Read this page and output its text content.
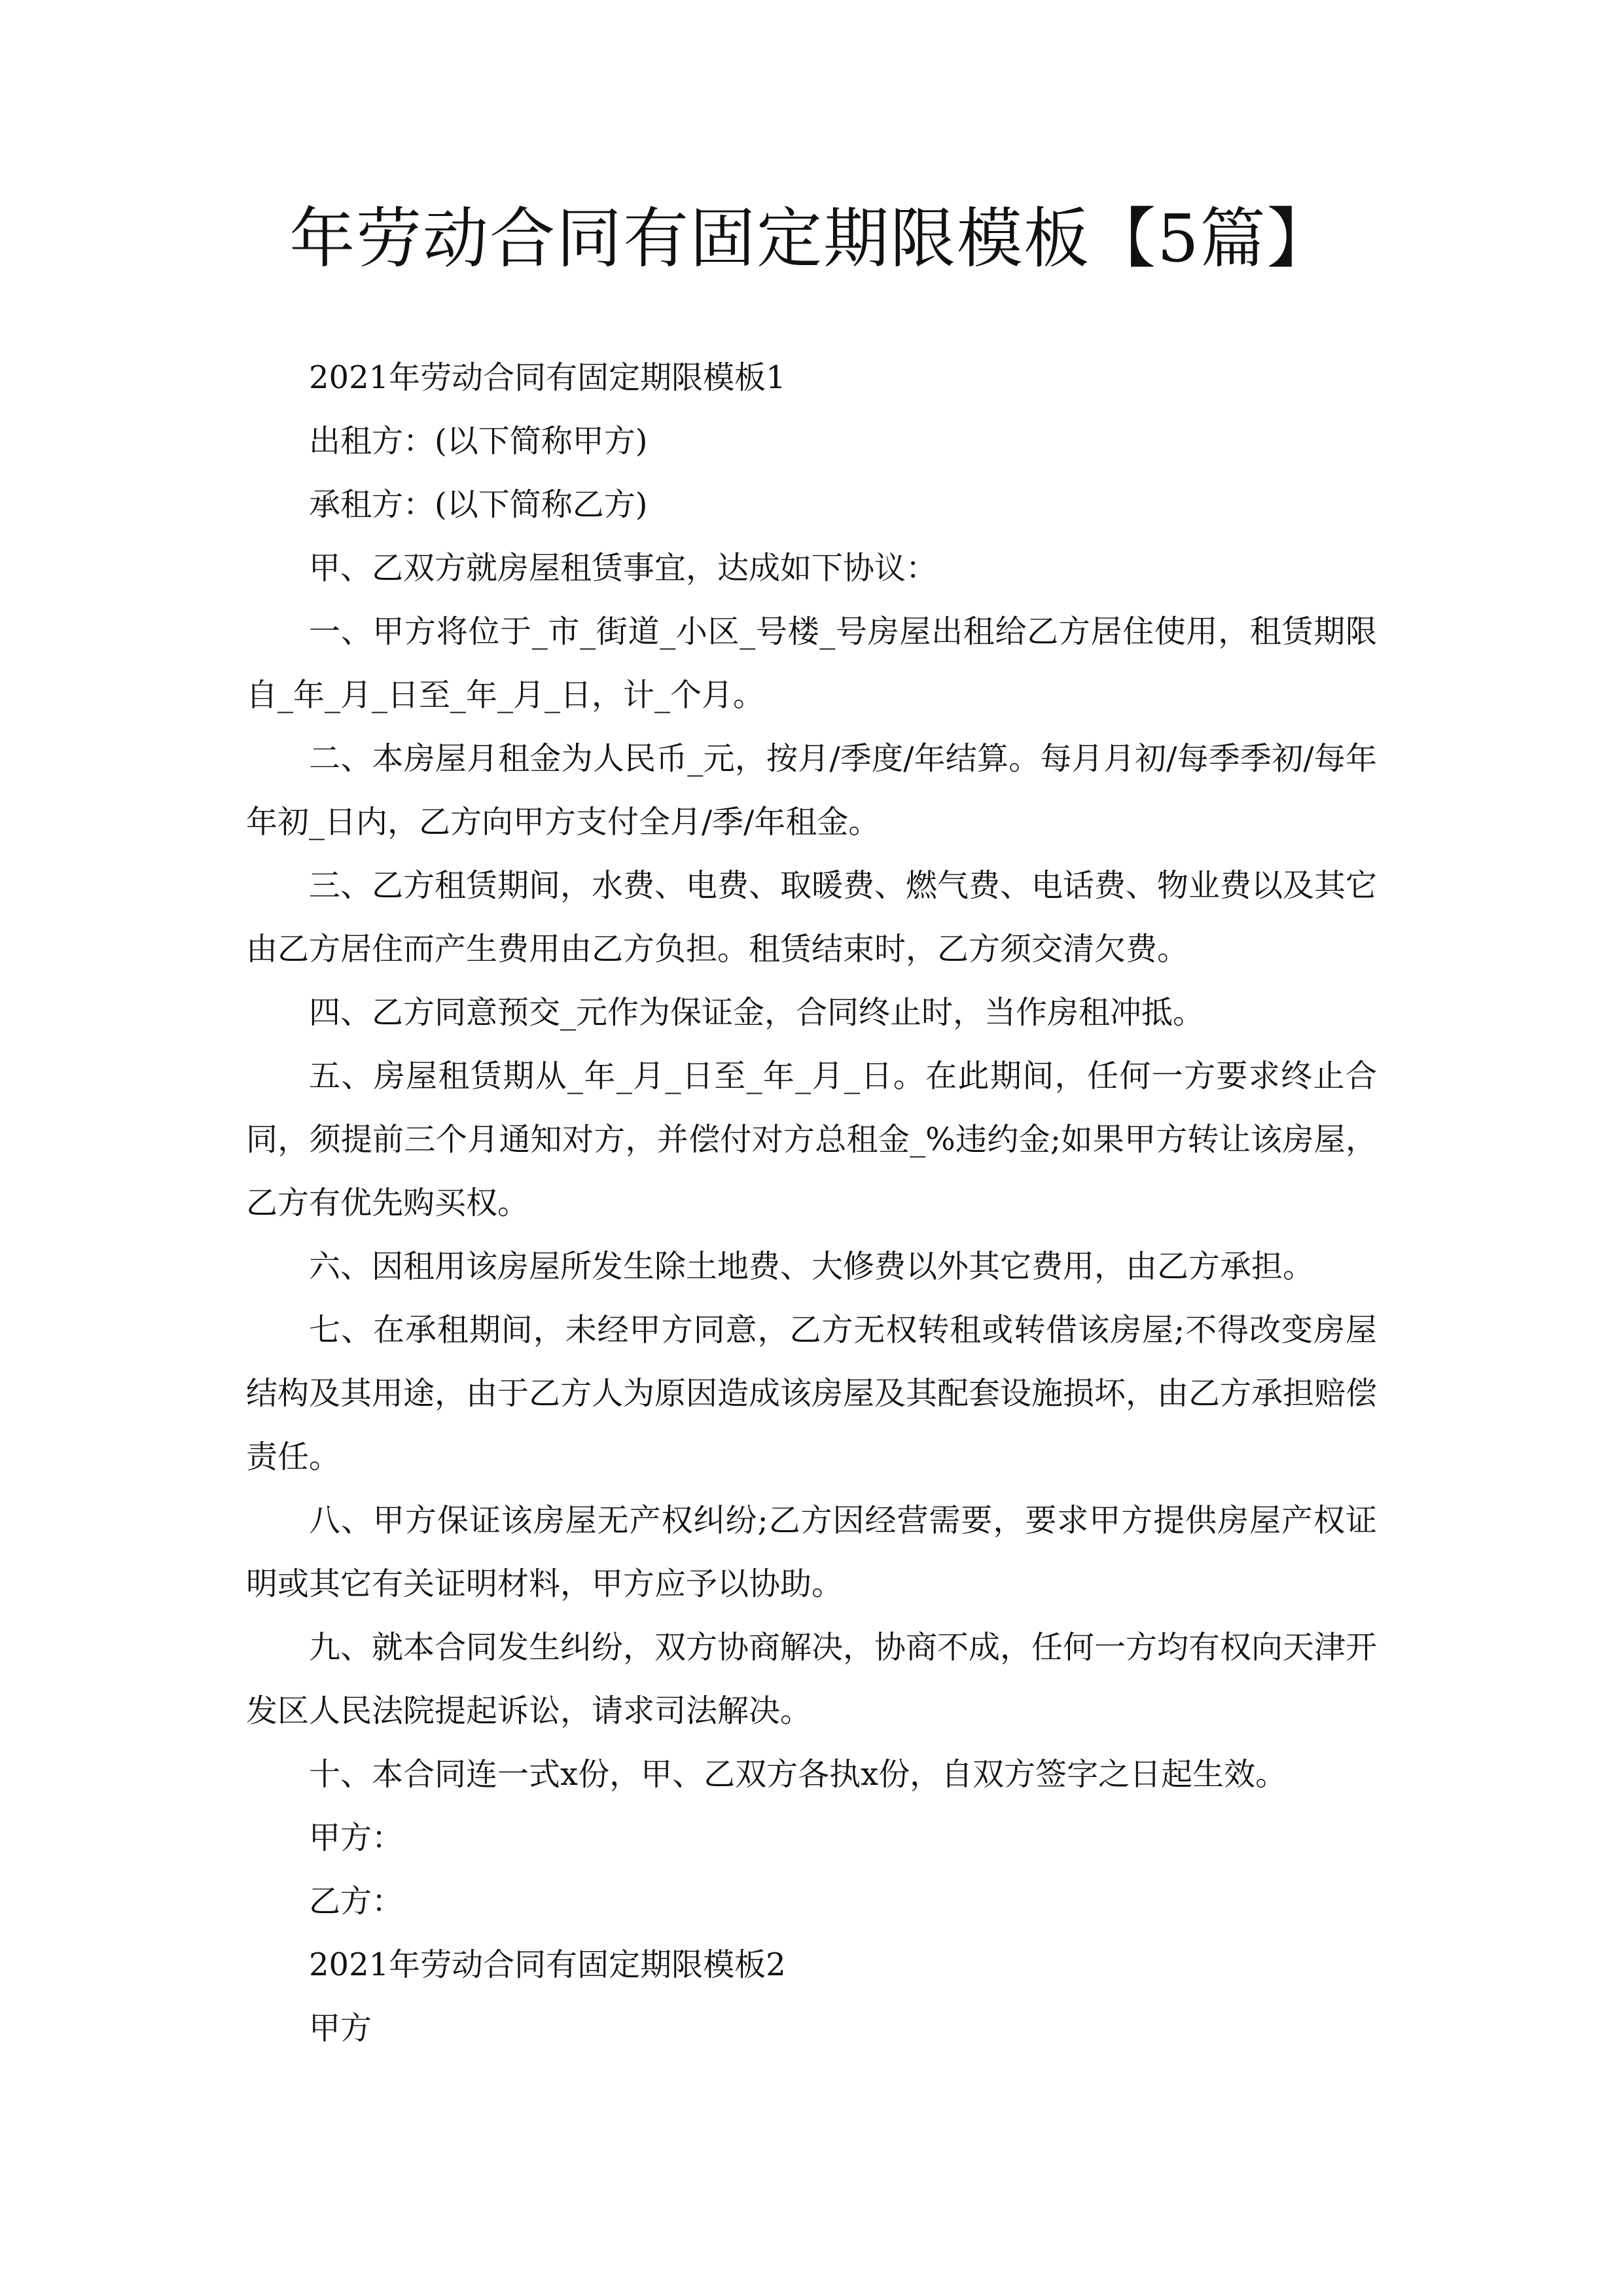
年劳动合同有固定期限模板【5篇】

2021年劳动合同有固定期限模板1

出租方：(以下简称甲方)

承租方：(以下简称乙方)

甲、乙双方就房屋租赁事宜，达成如下协议：

一、甲方将位于_市_街道_小区_号楼_号房屋出租给乙方居住使用，租赁期限自_年_月_日至_年_月_日，计_个月。

二、本房屋月租金为人民币_元，按月/季度/年结算。每月月初/每季季初/每年年初_日内，乙方向甲方支付全月/季/年租金。

三、乙方租赁期间，水费、电费、取暖费、燃气费、电话费、物业费以及其它由乙方居住而产生费用由乙方负担。租赁结束时，乙方须交清欠费。

四、乙方同意预交_元作为保证金，合同终止时，当作房租冲抵。

五、房屋租赁期从_年_月_日至_年_月_日。在此期间，任何一方要求终止合同，须提前三个月通知对方，并偿付对方总租金_%违约金;如果甲方转让该房屋，乙方有优先购买权。

六、因租用该房屋所发生除土地费、大修费以外其它费用，由乙方承担。

七、在承租期间，未经甲方同意，乙方无权转租或转借该房屋;不得改变房屋结构及其用途，由于乙方人为原因造成该房屋及其配套设施损坏，由乙方承担赔偿责任。

八、甲方保证该房屋无产权纠纷;乙方因经营需要，要求甲方提供房屋产权证明或其它有关证明材料，甲方应予以协助。

九、就本合同发生纠纷，双方协商解决，协商不成，任何一方均有权向天津开发区人民法院提起诉讼，请求司法解决。

十、本合同连一式x份，甲、乙双方各执x份，自双方签字之日起生效。

甲方：

乙方：

2021年劳动合同有固定期限模板2

甲方
